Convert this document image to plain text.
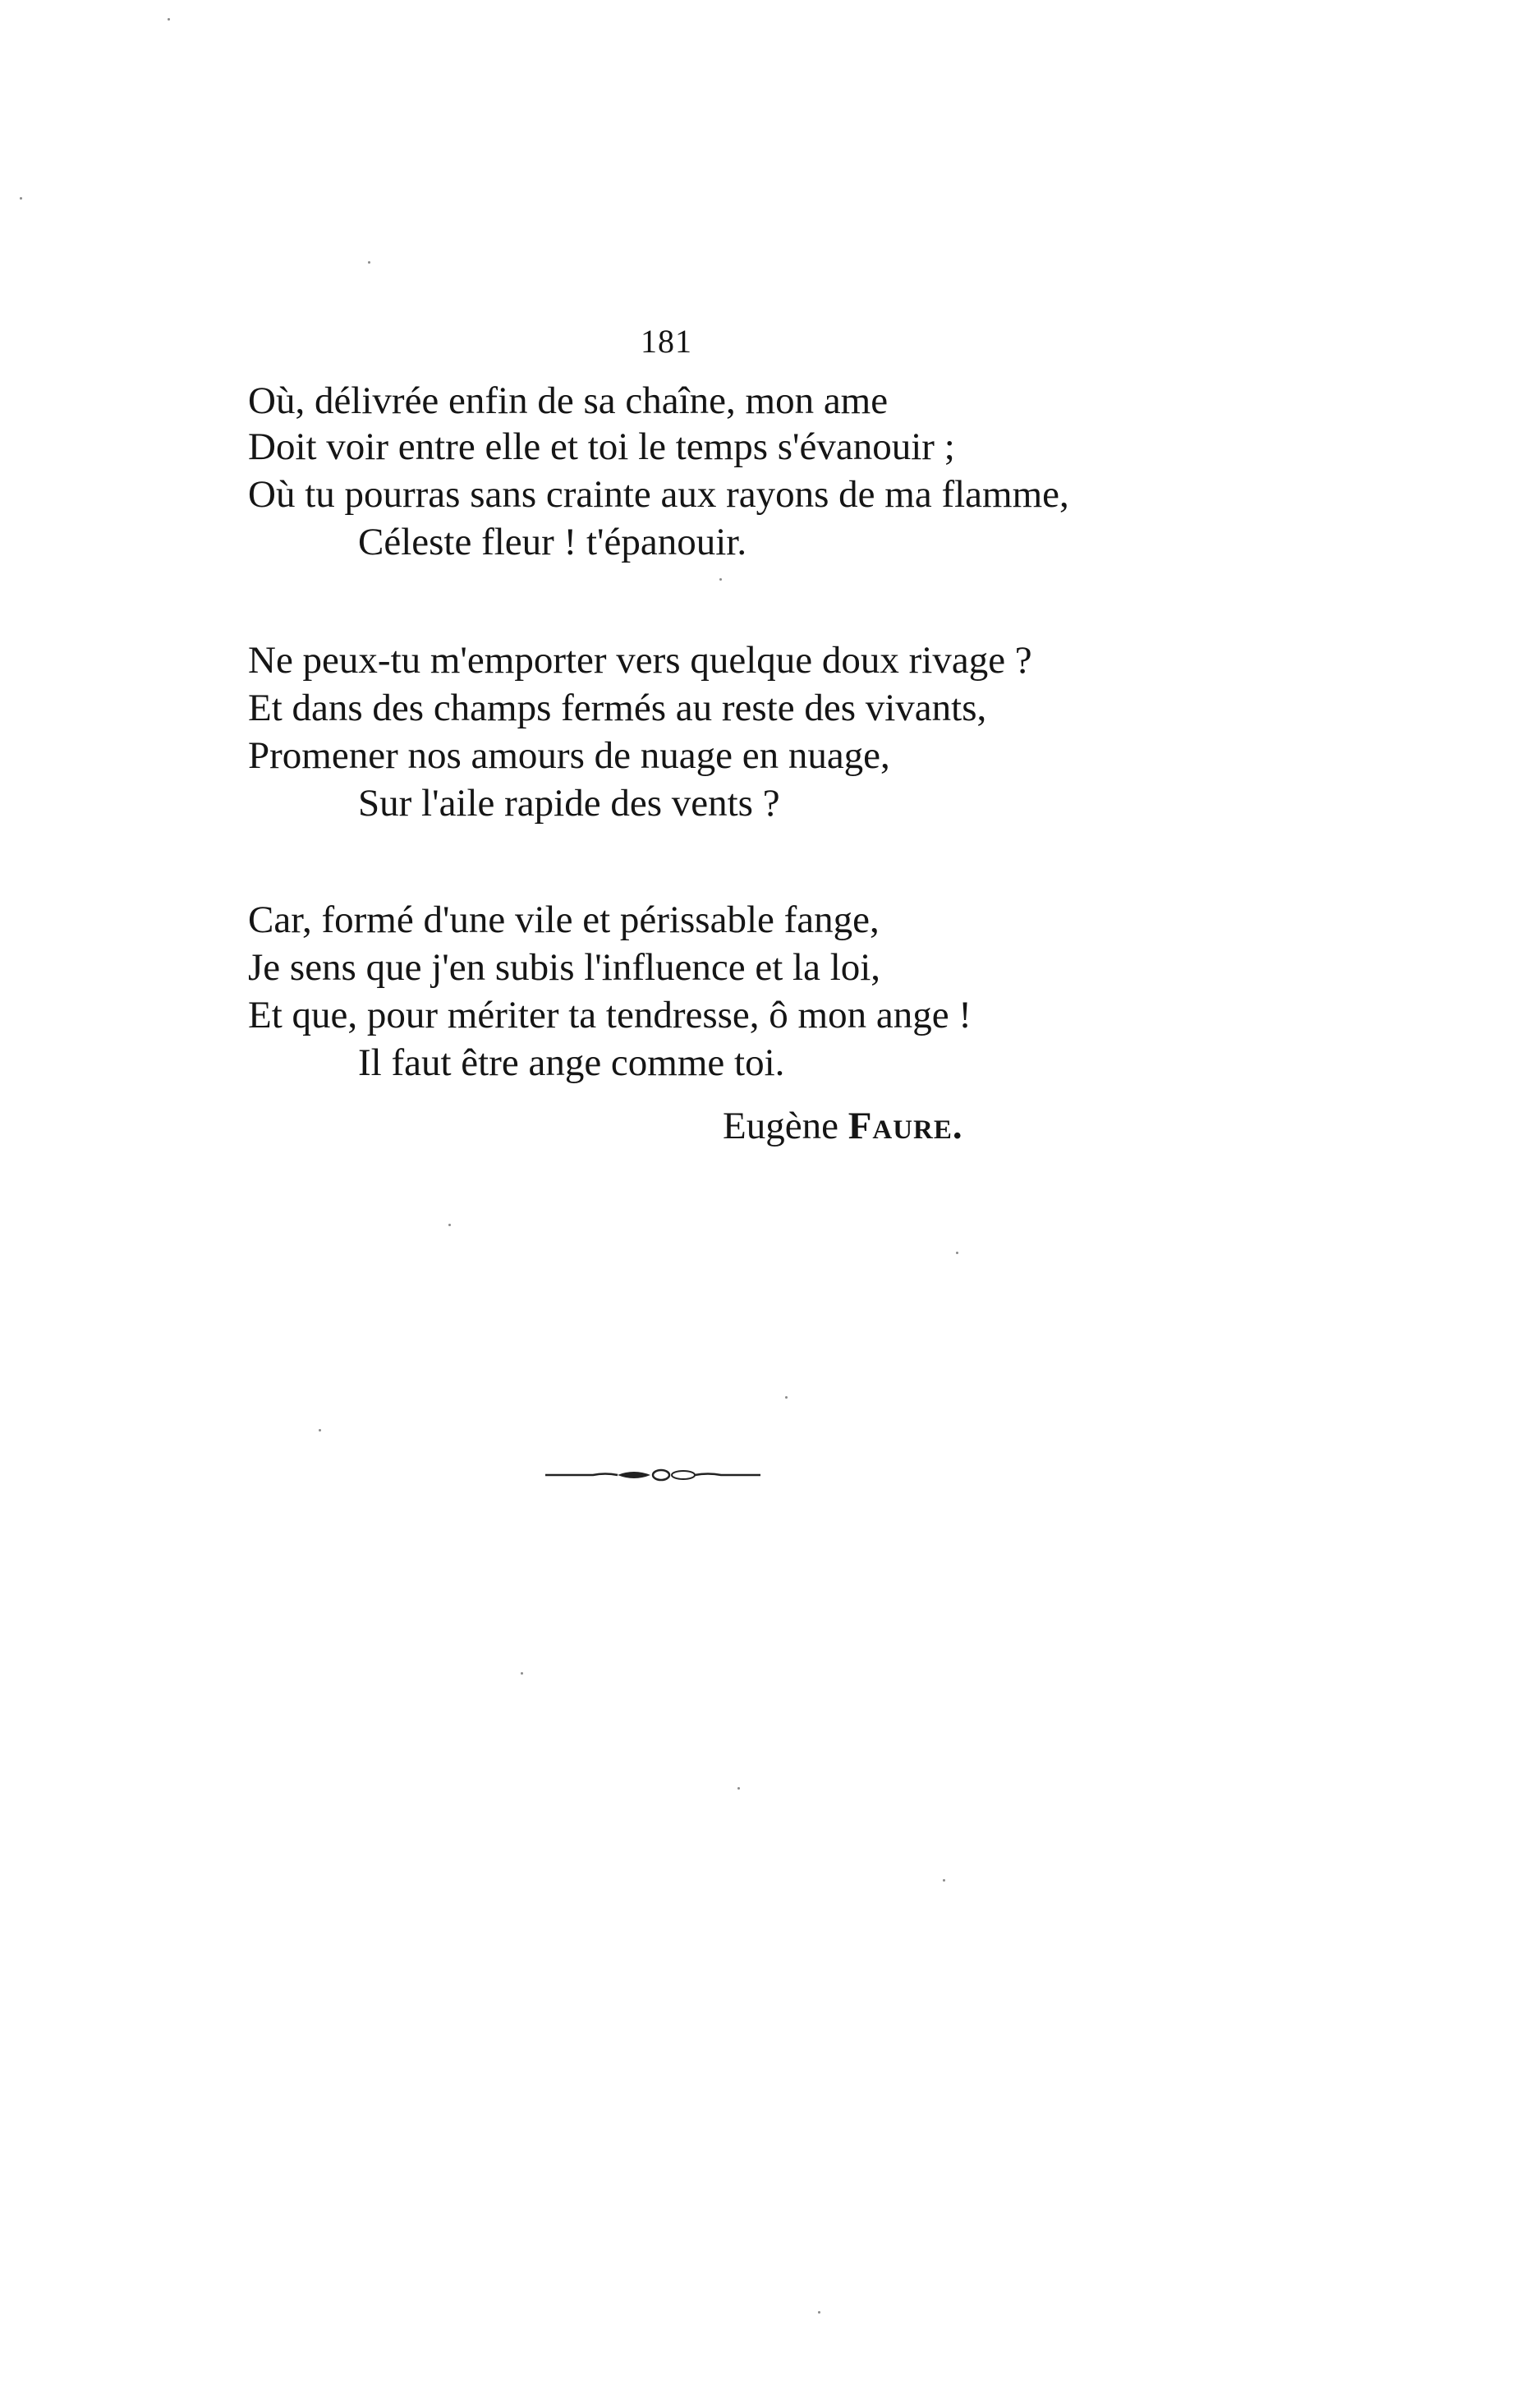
181
Où, délivrée enfin de sa chaîne, mon ame
Doit voir entre elle et toi le temps s'évanouir ;
Où tu pourras sans crainte aux rayons de ma flamme,
Céleste fleur ! t'épanouir.
Ne peux-tu m'emporter vers quelque doux rivage ?
Et dans des champs fermés au reste des vivants,
Promener nos amours de nuage en nuage,
Sur l'aile rapide des vents ?
Car, formé d'une vile et périssable fange,
Je sens que j'en subis l'influence et la loi,
Et que, pour mériter ta tendresse, ô mon ange !
Il faut être ange comme toi.
Eugène Faure.
